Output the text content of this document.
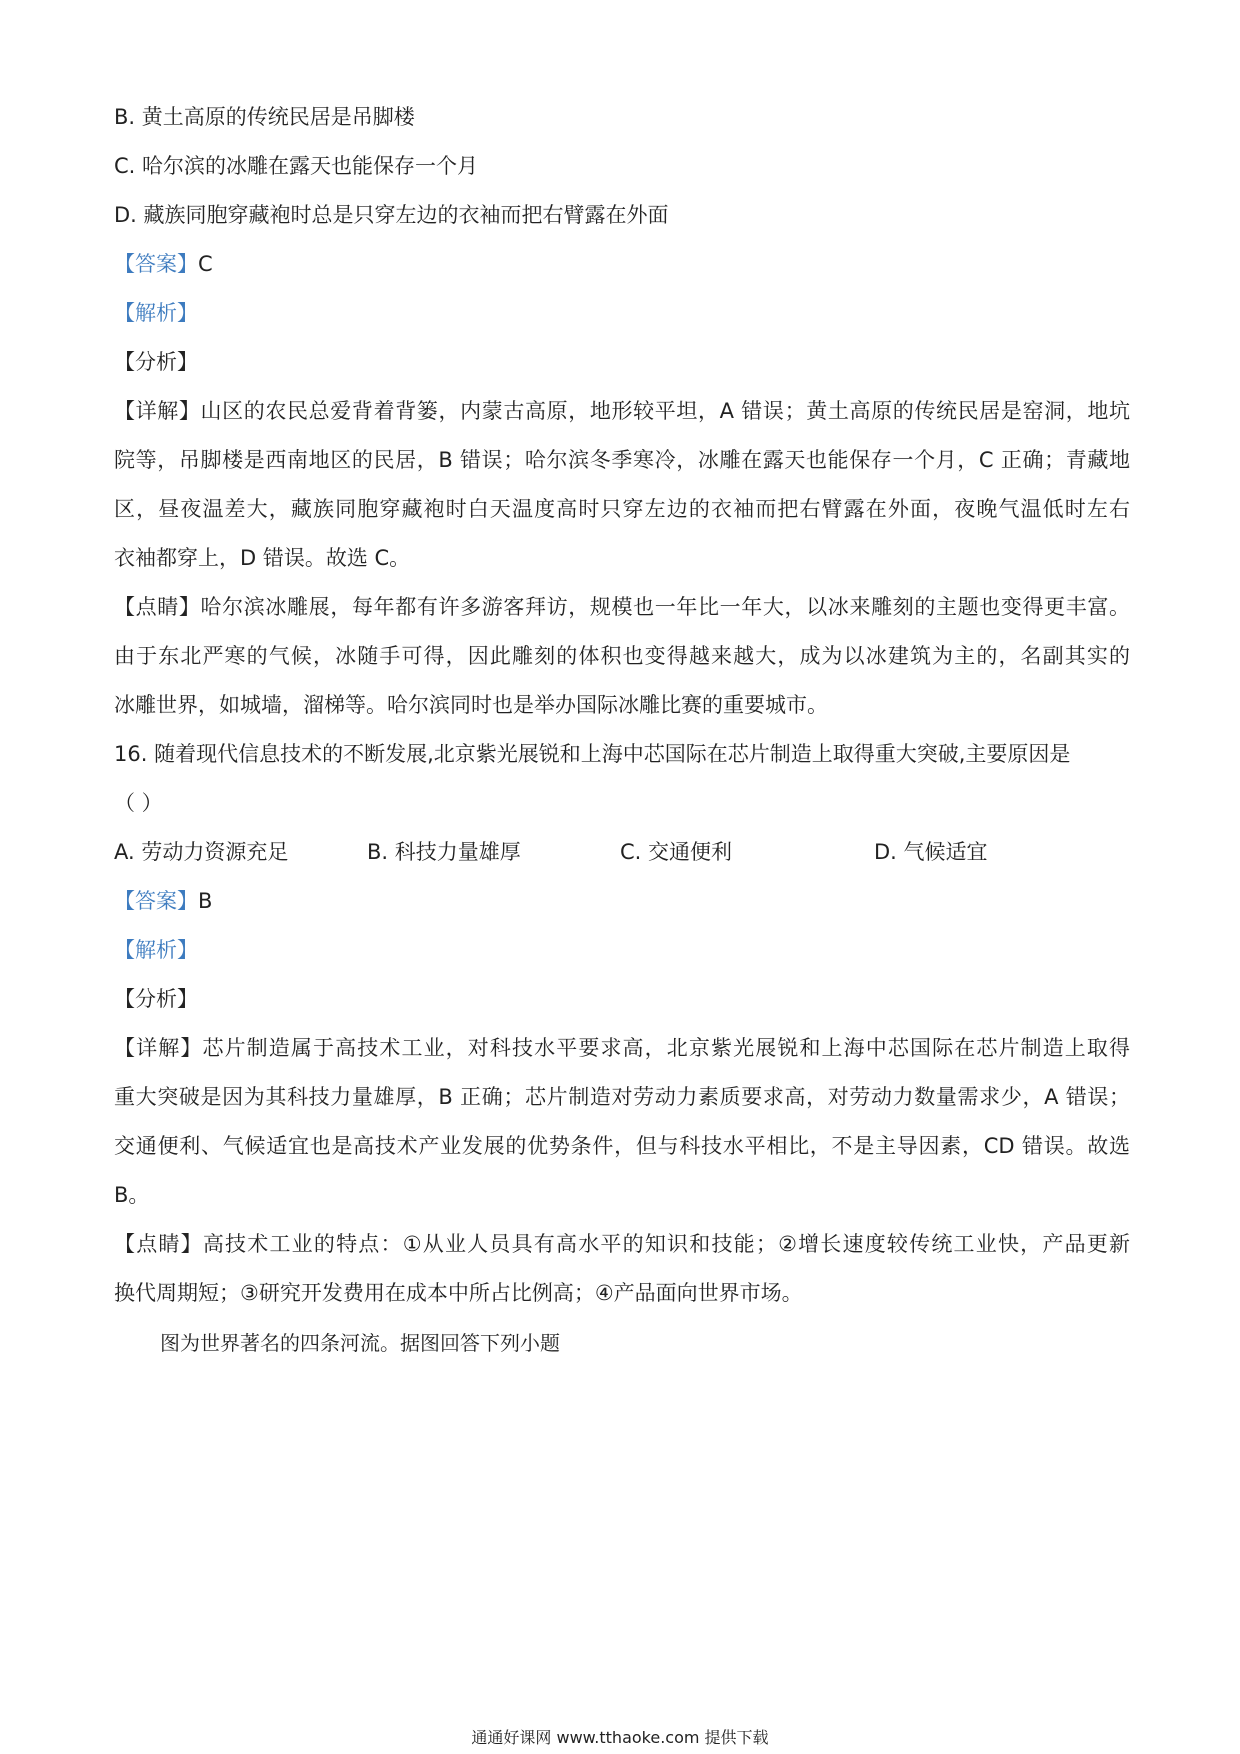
B. 黄土高原的传统民居是吊脚楼
C. 哈尔滨的冰雕在露天也能保存一个月
D. 藏族同胞穿藏袍时总是只穿左边的衣袖而把右臂露在外面
【答案】C
【解析】
【分析】
【详解】山区的农民总爱背着背篓，内蒙古高原，地形较平坦，A 错误；黄土高原的传统民居是窑洞，地坑
院等，吊脚楼是西南地区的民居，B 错误；哈尔滨冬季寒冷，冰雕在露天也能保存一个月，C 正确；青藏地
区，昼夜温差大，藏族同胞穿藏袍时白天温度高时只穿左边的衣袖而把右臂露在外面，夜晚气温低时左右
衣袖都穿上，D 错误。故选 C。
【点睛】哈尔滨冰雕展，每年都有许多游客拜访，规模也一年比一年大，以冰来雕刻的主题也变得更丰富。
由于东北严寒的气候，冰随手可得，因此雕刻的体积也变得越来越大，成为以冰建筑为主的，名副其实的
冰雕世界，如城墙，溜梯等。哈尔滨同时也是举办国际冰雕比赛的重要城市。
16. 随着现代信息技术的不断发展,北京紫光展锐和上海中芯国际在芯片制造上取得重大突破,主要原因是
（ ）
A. 劳动力资源充足	B. 科技力量雄厚	C. 交通便利	D. 气候适宜
【答案】B
【解析】
【分析】
【详解】芯片制造属于高技术工业，对科技水平要求高，北京紫光展锐和上海中芯国际在芯片制造上取得
重大突破是因为其科技力量雄厚，B 正确；芯片制造对劳动力素质要求高，对劳动力数量需求少，A 错误；
交通便利、气候适宜也是高技术产业发展的优势条件，但与科技水平相比，不是主导因素，CD 错误。故选
B。
【点睛】高技术工业的特点：①从业人员具有高水平的知识和技能；②增长速度较传统工业快，产品更新
换代周期短；③研究开发费用在成本中所占比例高；④产品面向世界市场。
图为世界著名的四条河流。据图回答下列小题
通通好课网 www.tthaoke.com 提供下载
